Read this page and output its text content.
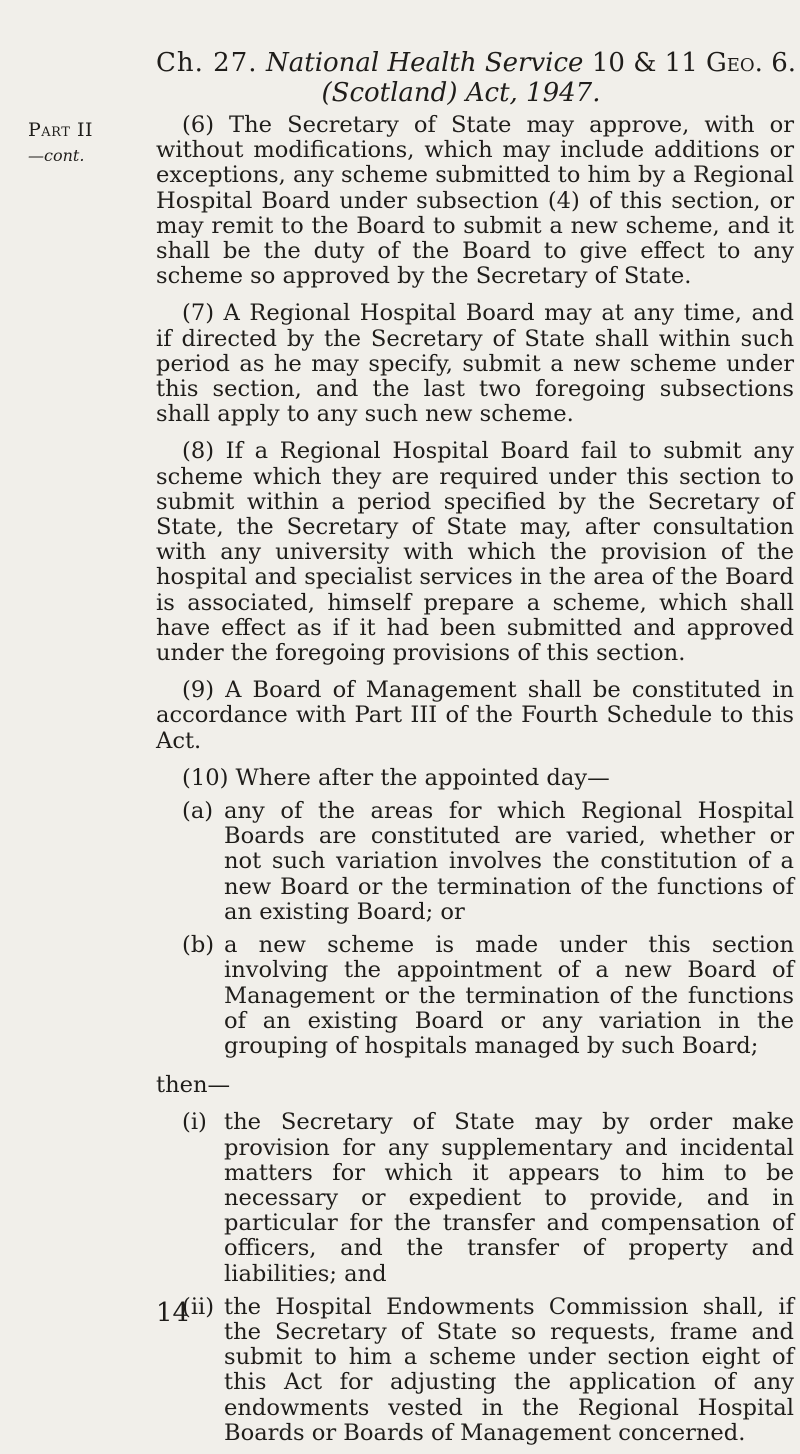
Part II
—cont.
Ch. 27. National Health Service 10 & 11 Geo. 6.
(Scotland) Act, 1947.

(6) The Secretary of State may approve, with or without modifications, which may include additions or exceptions, any scheme submitted to him by a Regional Hospital Board under subsection (4) of this section, or may remit to the Board to submit a new scheme, and it shall be the duty of the Board to give effect to any scheme so approved by the Secretary of State.

(7) A Regional Hospital Board may at any time, and if directed by the Secretary of State shall within such period as he may specify, submit a new scheme under this section, and the last two foregoing subsections shall apply to any such new scheme.

(8) If a Regional Hospital Board fail to submit any scheme which they are required under this section to submit within a period specified by the Secretary of State, the Secretary of State may, after consultation with any university with which the provision of the hospital and specialist services in the area of the Board is associated, himself prepare a scheme, which shall have effect as if it had been submitted and approved under the foregoing provisions of this section.

(9) A Board of Management shall be constituted in accordance with Part III of the Fourth Schedule to this Act.

(10) Where after the appointed day—

(a) any of the areas for which Regional Hospital Boards are constituted are varied, whether or not such variation involves the constitution of a new Board or the termination of the functions of an existing Board; or
(b) a new scheme is made under this section involving the appointment of a new Board of Management or the termination of the functions of an existing Board or any variation in the grouping of hospitals managed by such Board;
then—
(i) the Secretary of State may by order make provision for any supplementary and incidental matters for which it appears to him to be necessary or expedient to provide, and in particular for the transfer and compensation of officers, and the transfer of property and liabilities; and
(ii) the Hospital Endowments Commission shall, if the Secretary of State so requests, frame and submit to him a scheme under section eight of this Act for adjusting the application of any endowments vested in the Regional Hospital Boards or Boards of Management concerned.
14
